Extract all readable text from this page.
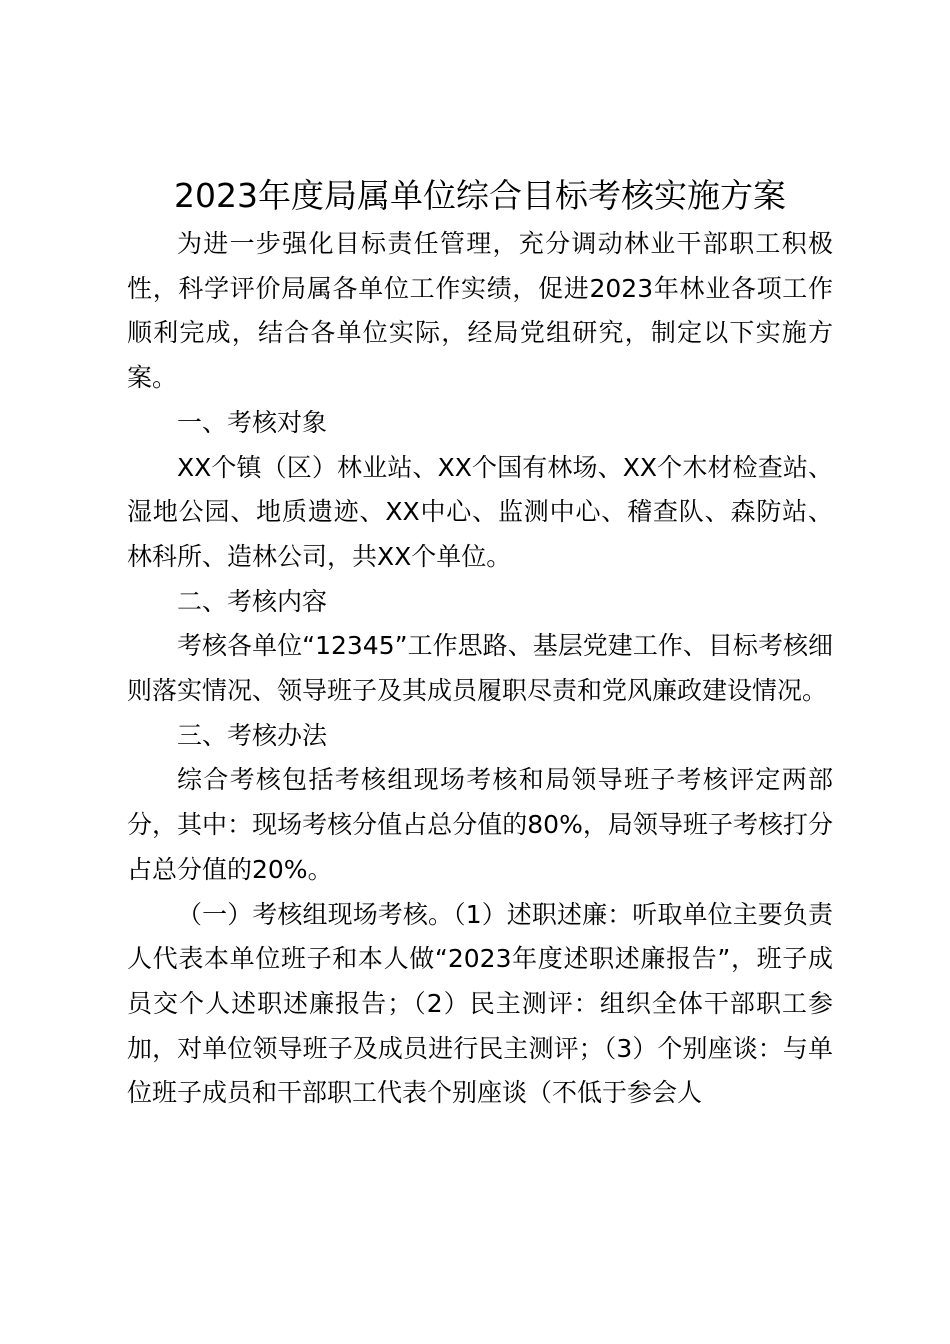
2023年度局属单位综合目标考核实施方案

为进一步强化目标责任管理，充分调动林业干部职工积极性，科学评价局属各单位工作实绩，促进2023年林业各项工作顺利完成，结合各单位实际，经局党组研究，制定以下实施方案。

一、考核对象

XX个镇（区）林业站、XX个国有林场、XX个木材检查站、湿地公园、地质遗迹、XX中心、监测中心、稽查队、森防站、林科所、造林公司，共XX个单位。

二、考核内容

考核各单位“12345”工作思路、基层党建工作、目标考核细则落实情况、领导班子及其成员履职尽责和党风廉政建设情况。

三、考核办法

综合考核包括考核组现场考核和局领导班子考核评定两部分，其中：现场考核分值占总分值的80%，局领导班子考核打分占总分值的20%。

（一）考核组现场考核。（1）述职述廉：听取单位主要负责人代表本单位班子和本人做“2023年度述职述廉报告”，班子成员交个人述职述廉报告；（2）民主测评：组织全体干部职工参加，对单位领导班子及成员进行民主测评；（3）个别座谈：与单位班子成员和干部职工代表个别座谈（不低于参会人
